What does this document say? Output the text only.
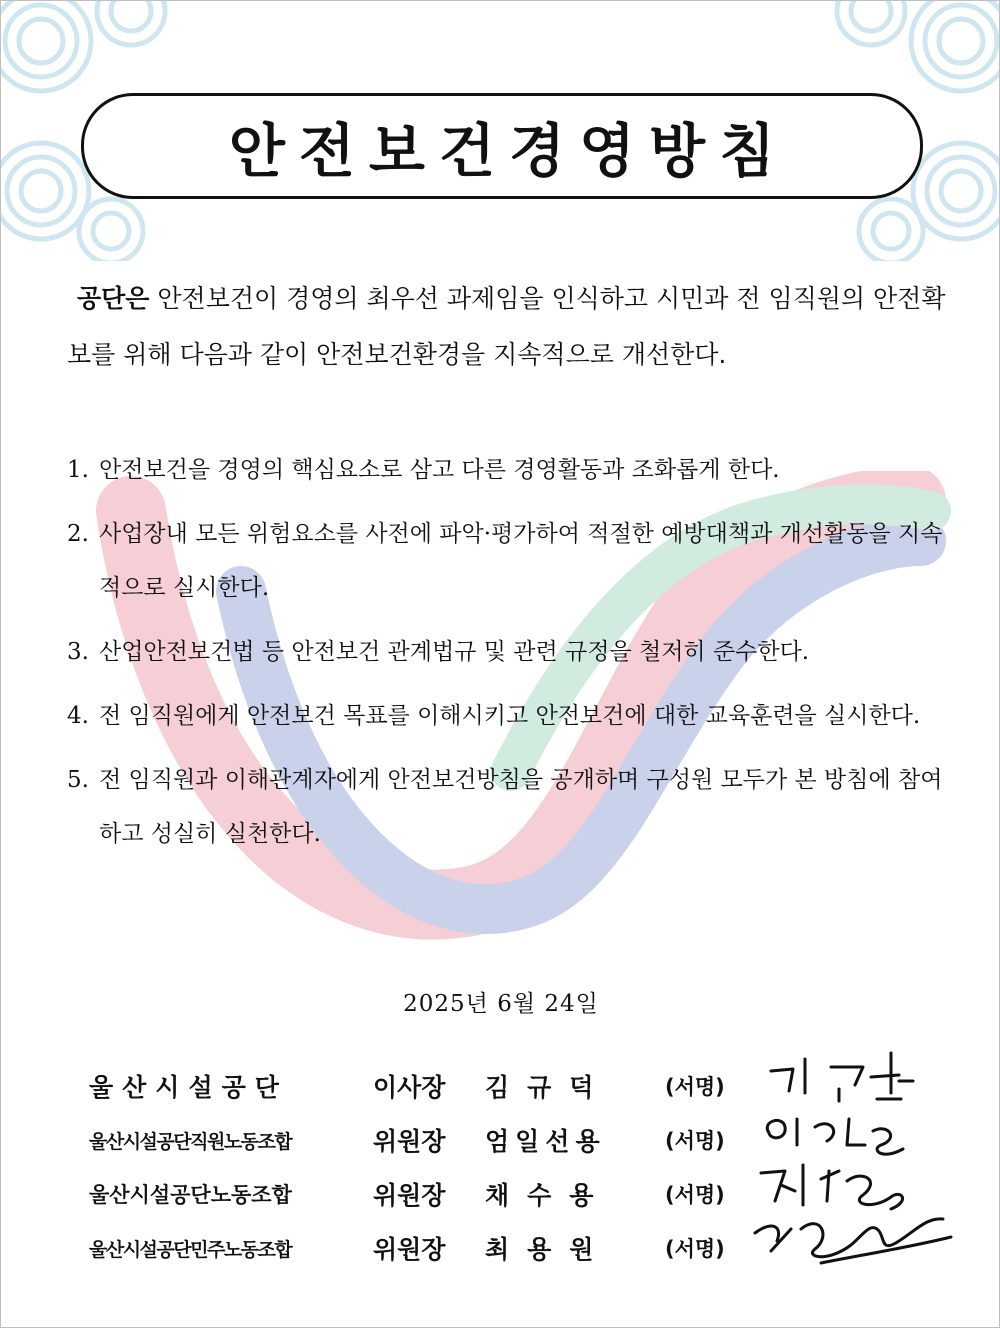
안전보건경영방침
공단은 안전보건이 경영의 최우선 과제임을 인식하고 시민과 전 임직원의 안전확보를 위해 다음과 같이 안전보건환경을 지속적으로 개선한다.
1. 안전보건을 경영의 핵심요소로 삼고 다른 경영활동과 조화롭게 한다.
2. 사업장내 모든 위험요소를 사전에 파악·평가하여 적절한 예방대책과 개선활동을 지속적으로 실시한다.
3. 산업안전보건법 등 안전보건 관계법규 및 관련 규정을 철저히 준수한다.
4. 전 임직원에게 안전보건 목표를 이해시키고 안전보건에 대한 교육훈련을 실시한다.
5. 전 임직원과 이해관계자에게 안전보건방침을 공개하며 구성원 모두가 본 방침에 참여하고 성실히 실천한다.
2025년 6월 24일
울산시설공단	이사장	김규덕	(서명)
울산시설공단직원노동조합	위원장	엄일선용	(서명)
울산시설공단노동조합	위원장	채수용	(서명)
울산시설공단민주노동조합	위원장	최용원	(서명)
